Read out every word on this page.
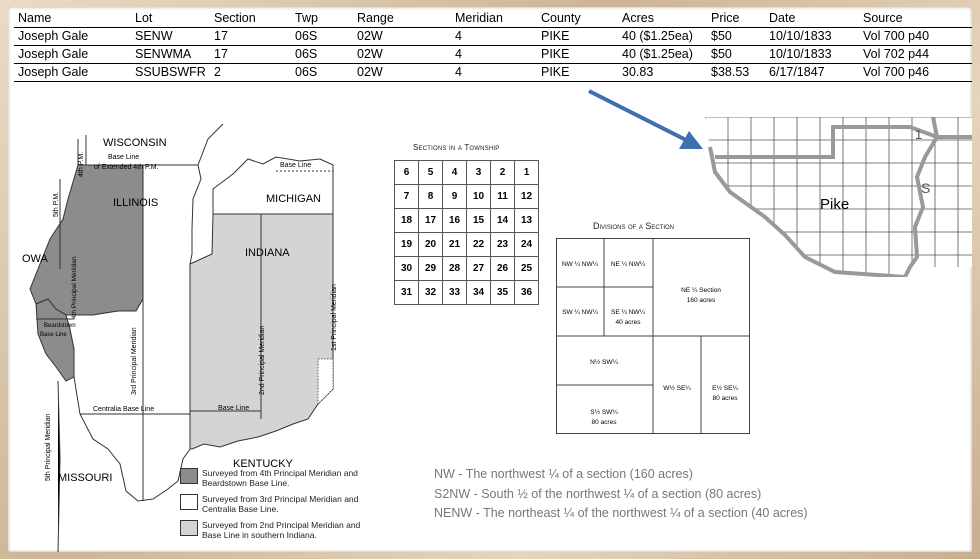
Name	Lot	Section	Twp	Range	Meridian	County	Acres	Price	Date	Source
Joseph Gale	SENW	17	06S	02W	4	PIKE	40 ($1.25ea)	$50	10/10/1833	Vol 700 p40
Joseph Gale	SENWMA	17	06S	02W	4	PIKE	40 ($1.25ea)	$50	10/10/1833	Vol 702 p44
Joseph Gale	SSUBSWFR	2	06S	02W	4	PIKE	30.83	$38.53	6/17/1847	Vol 700 p46
WISCONSIN
Base Line
of Extended 4th P.M.
ILLINOIS	MICHIGAN
Base Line
INDIANA
OWA
MISSOURI
KENTUCKY
Beardstown
Base Line
Centralia Base Line	Base Line
4th P.M.
5th P.M.
4th Principal Meridian
3rd Principal Meridian	2nd Principal Meridian
1st Principal Meridian
5th Principal Meridian	Surveyed from 4th Principal Meridian and Beardstown Base Line.
Surveyed from 3rd Principal Meridian and Centralia Base Line.
Surveyed from 2nd Principal Meridian and Base Line in southern Indiana.
Sections in a Township
6	5	4	3	2	1
7	8	9	10	11	12
18	17	16	15	14	13
19	20	21	22	23	24
30	29	28	27	26	25
31	32	33	34	35	36
Divisions of a Section
NW ¼ NW¼ NE ¼ NW¼
SW ¼ NW¼ SE ¼ NW¼
40 acres
NE ¼ Section
160 acres
N½ SW¼
S½ SW¼
80 acres
W½ SE¼	E½ SE¼
80 acres
Pike
1
S
NW - The northwest ¼ of a section (160 acres)
S2NW - South ½ of the northwest ¼ of a section (80 acres)
NENW - The northeast ¼ of the northwest ¼ of a section (40 acres)
